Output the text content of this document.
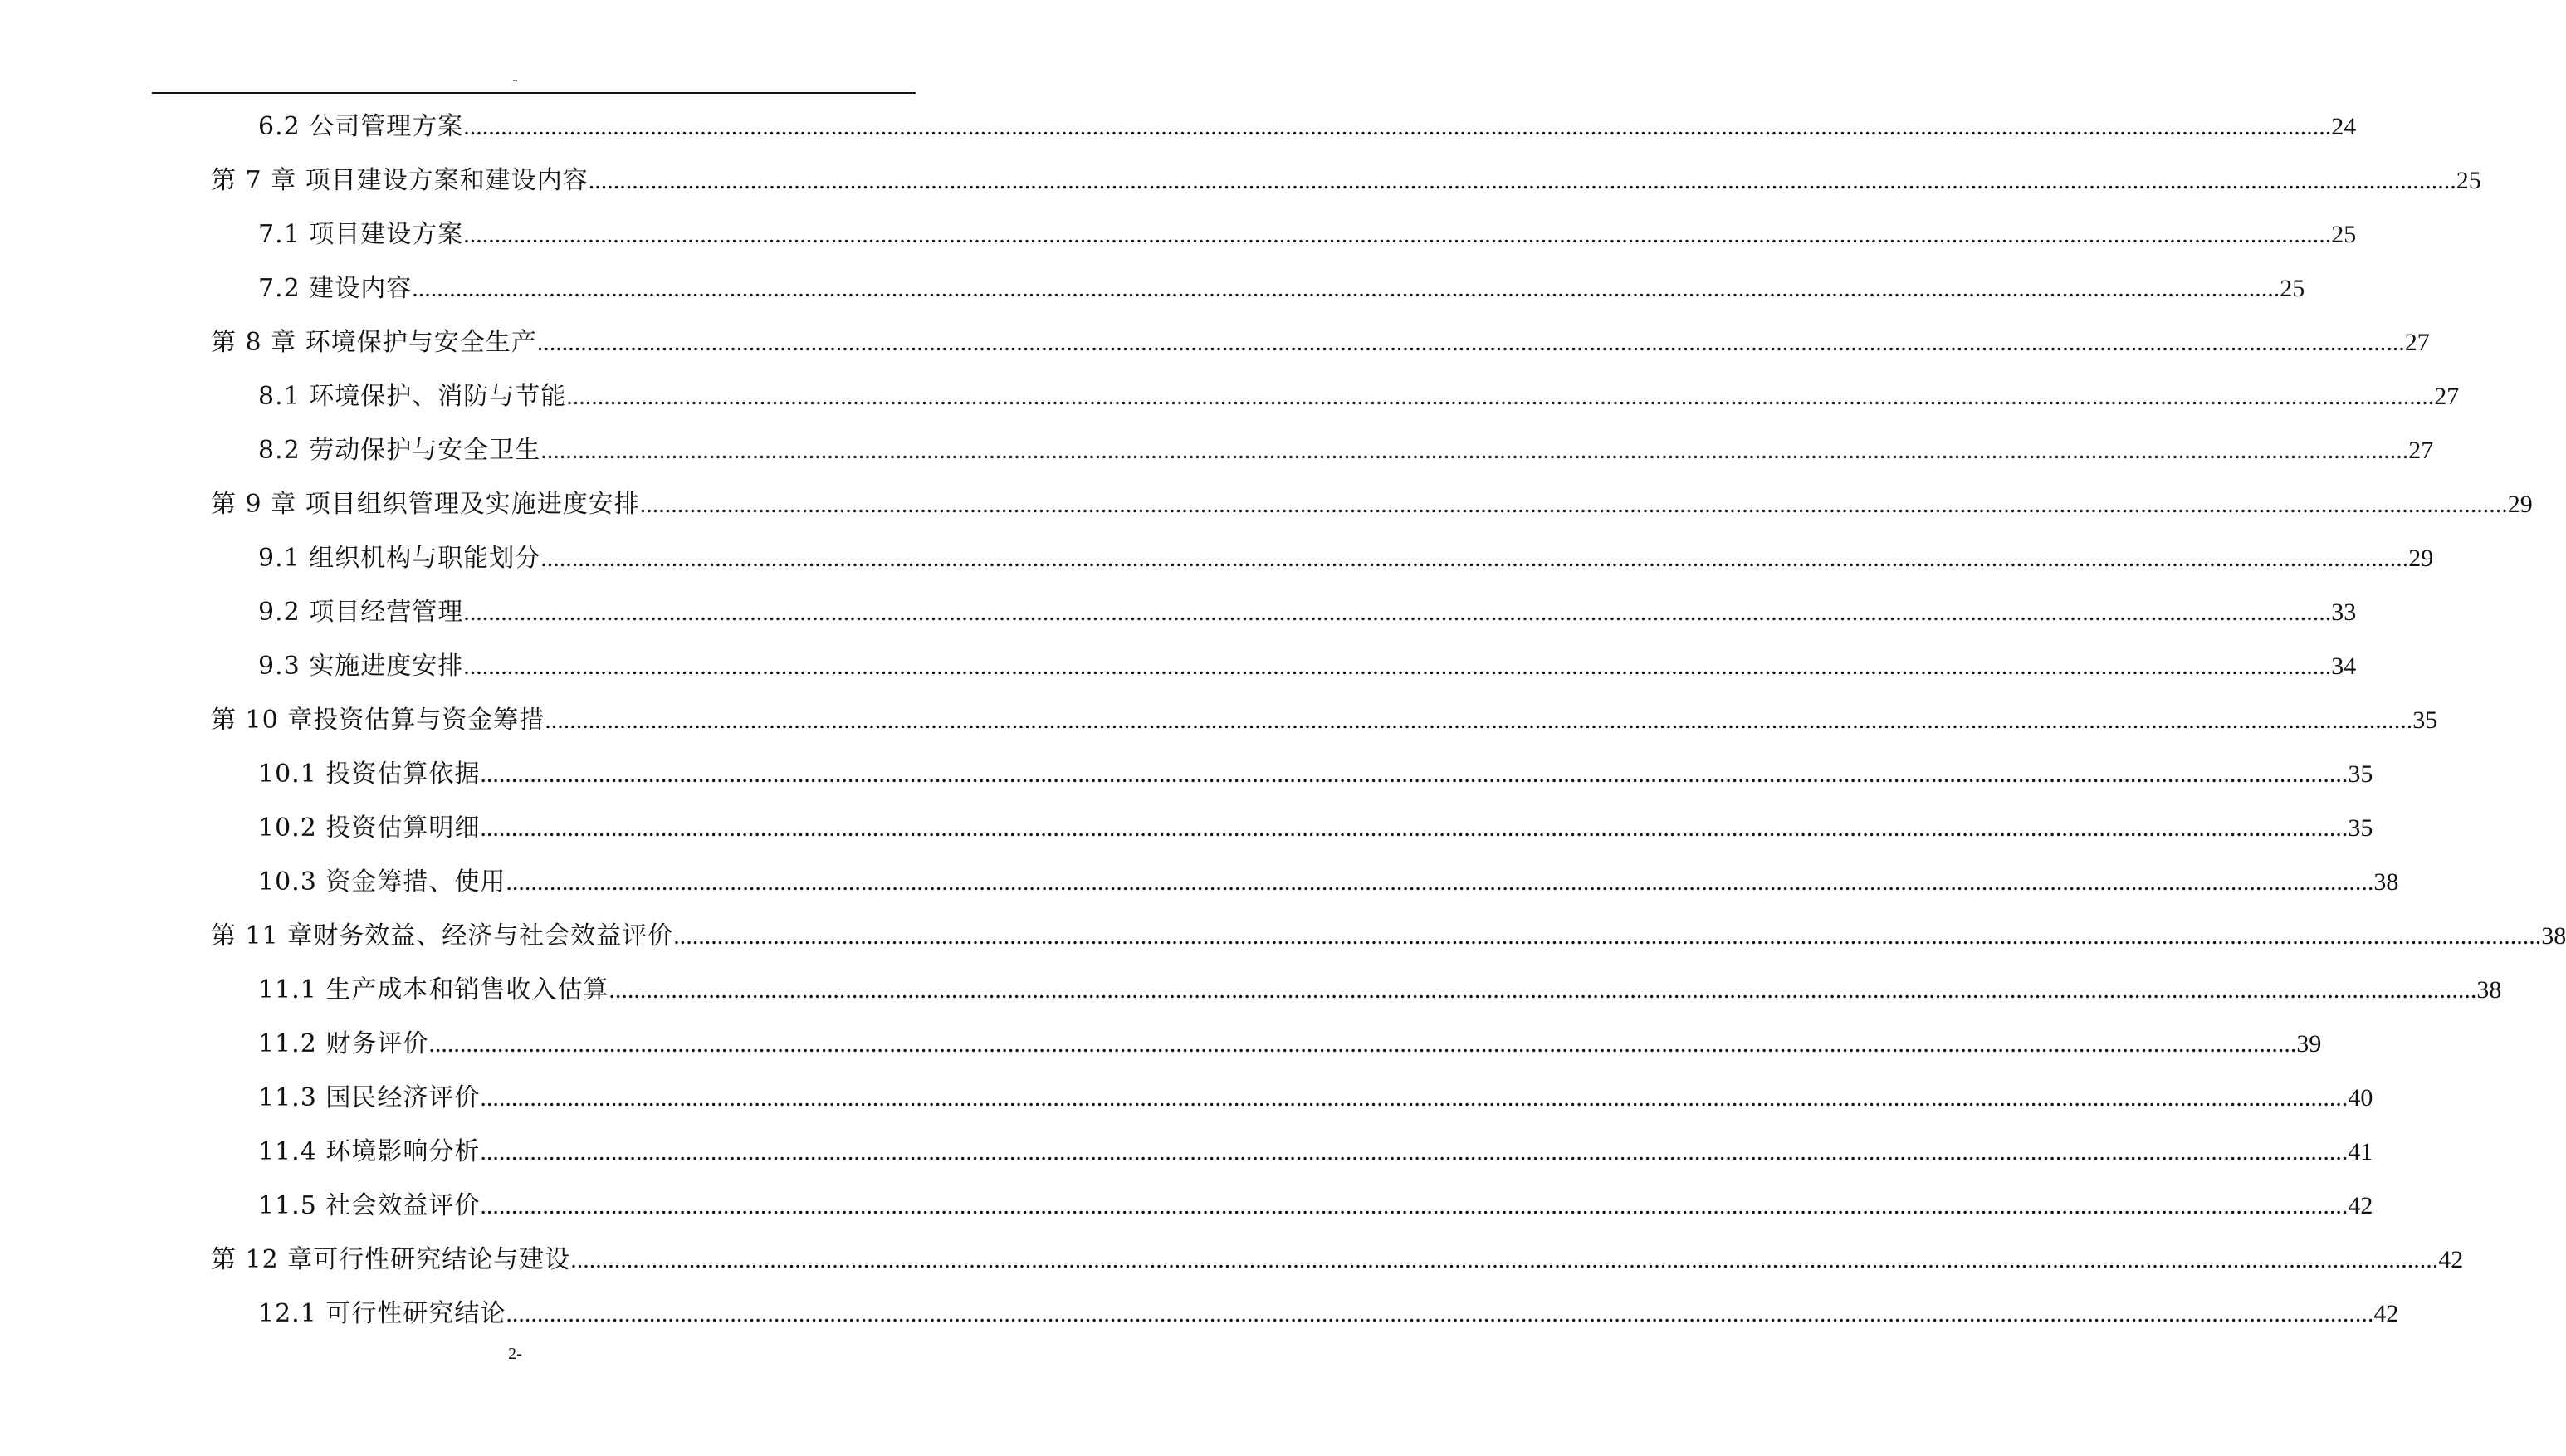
-
6.2 公司管理方案 ............................................................................................................................................................................................................................................................................................................ 24
第 7 章 项目建设方案和建设内容 ............................................................................................................................................................................................................................................................................................................ 25
7.1 项目建设方案 ............................................................................................................................................................................................................................................................................................................ 25
7.2 建设内容 ............................................................................................................................................................................................................................................................................................................ 25
第 8 章 环境保护与安全生产 ............................................................................................................................................................................................................................................................................................................ 27
8.1 环境保护、消防与节能 ............................................................................................................................................................................................................................................................................................................ 27
8.2 劳动保护与安全卫生 ............................................................................................................................................................................................................................................................................................................ 27
第 9 章 项目组织管理及实施进度安排 ............................................................................................................................................................................................................................................................................................................ 29
9.1 组织机构与职能划分 ............................................................................................................................................................................................................................................................................................................ 29
9.2 项目经营管理 ............................................................................................................................................................................................................................................................................................................ 33
9.3 实施进度安排 ............................................................................................................................................................................................................................................................................................................ 34
第 10 章投资估算与资金筹措 ............................................................................................................................................................................................................................................................................................................ 35
10.1 投资估算依据 ............................................................................................................................................................................................................................................................................................................ 35
10.2 投资估算明细 ............................................................................................................................................................................................................................................................................................................ 35
10.3 资金筹措、使用 ............................................................................................................................................................................................................................................................................................................ 38
第 11 章财务效益、经济与社会效益评价 ............................................................................................................................................................................................................................................................................................................ 38
11.1 生产成本和销售收入估算 ............................................................................................................................................................................................................................................................................................................ 38
11.2 财务评价 ............................................................................................................................................................................................................................................................................................................ 39
11.3 国民经济评价 ............................................................................................................................................................................................................................................................................................................ 40
11.4 环境影响分析 ............................................................................................................................................................................................................................................................................................................ 41
11.5 社会效益评价 ............................................................................................................................................................................................................................................................................................................ 42
第 12 章可行性研究结论与建设 ............................................................................................................................................................................................................................................................................................................ 42
12.1 可行性研究结论 ............................................................................................................................................................................................................................................................................................................ 42
2-
